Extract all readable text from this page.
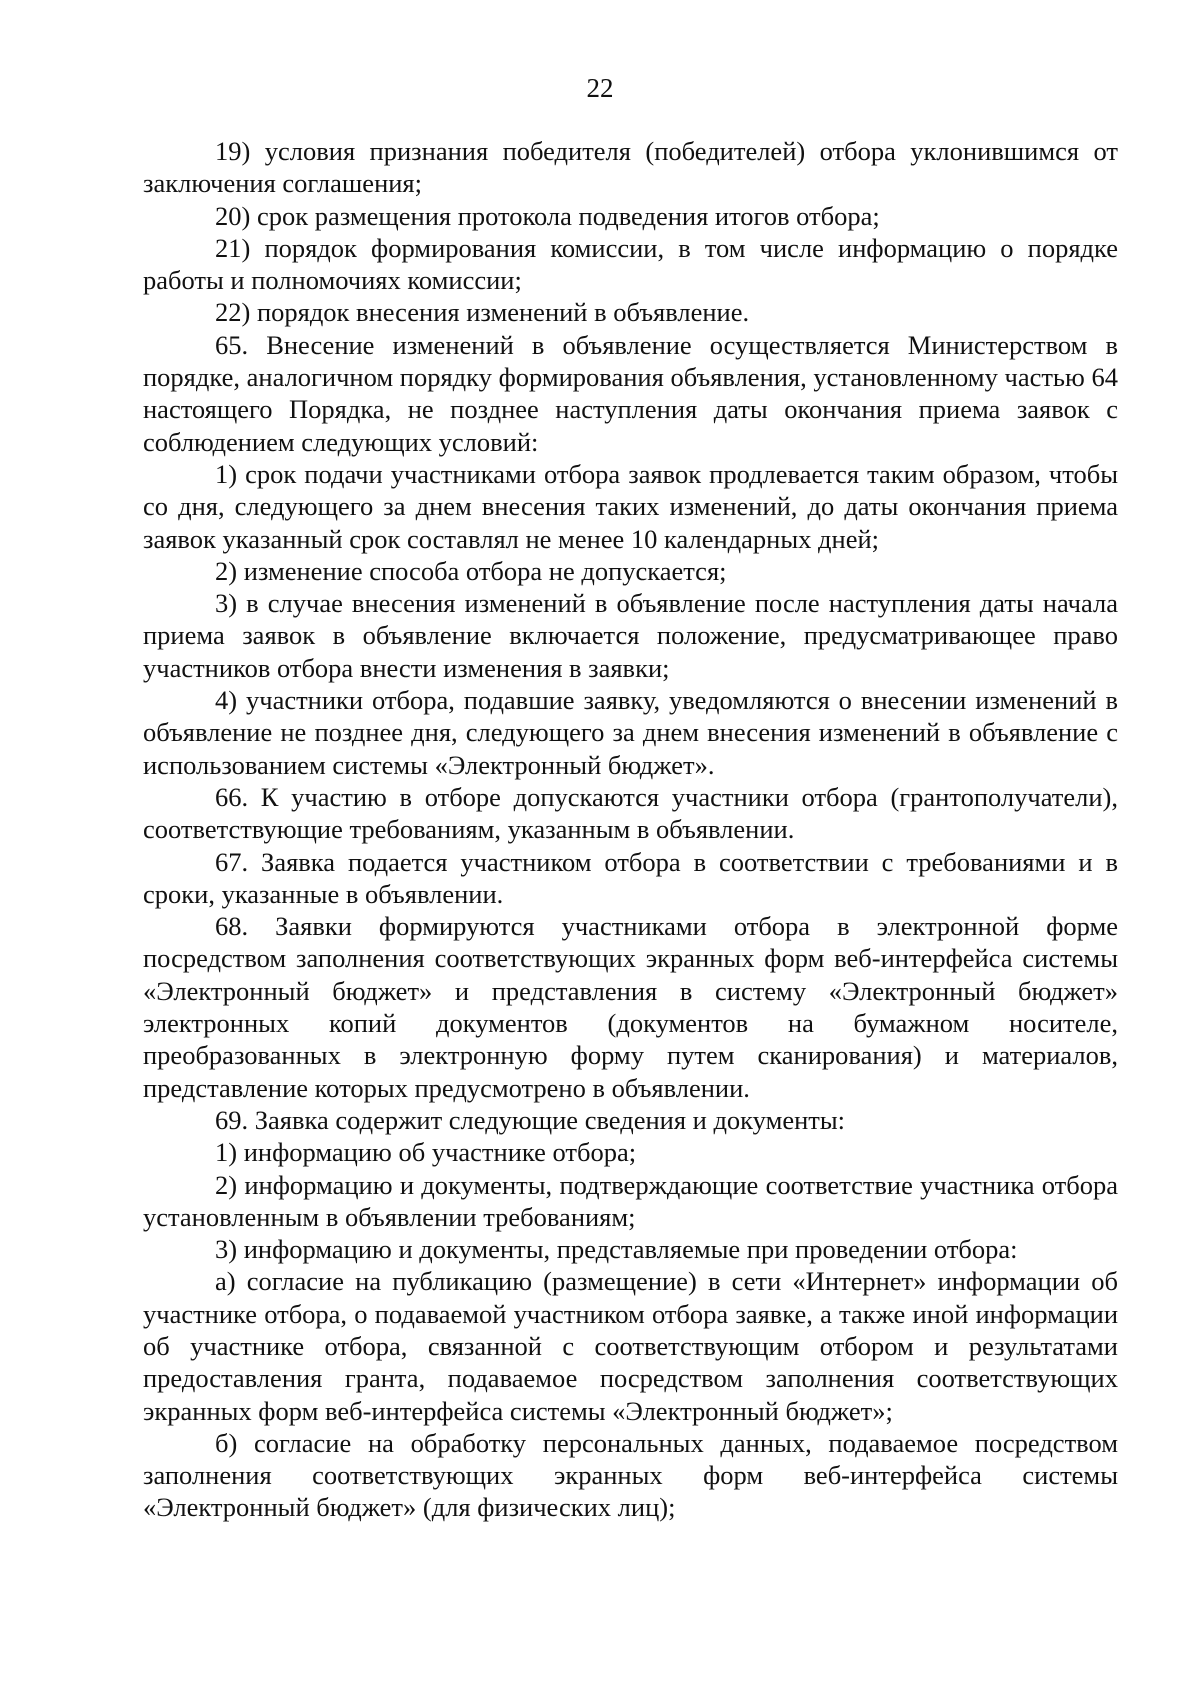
22

19) условия признания победителя (победителей) отбора уклонившимся от заключения соглашения;

20) срок размещения протокола подведения итогов отбора;

21) порядок формирования комиссии, в том числе информацию о порядке работы и полномочиях комиссии;

22) порядок внесения изменений в объявление.

65. Внесение изменений в объявление осуществляется Министерством в порядке, аналогичном порядку формирования объявления, установленному частью 64 настоящего Порядка, не позднее наступления даты окончания приема заявок с соблюдением следующих условий:

1) срок подачи участниками отбора заявок продлевается таким образом, чтобы со дня, следующего за днем внесения таких изменений, до даты окончания приема заявок указанный срок составлял не менее 10 календарных дней;

2) изменение способа отбора не допускается;

3) в случае внесения изменений в объявление после наступления даты начала приема заявок в объявление включается положение, предусматривающее право участников отбора внести изменения в заявки;

4) участники отбора, подавшие заявку, уведомляются о внесении изменений в объявление не позднее дня, следующего за днем внесения изменений в объявление с использованием системы «Электронный бюджет».

66. К участию в отборе допускаются участники отбора (грантополучатели), соответствующие требованиям, указанным в объявлении.

67. Заявка подается участником отбора в соответствии с требованиями и в сроки, указанные в объявлении.

68. Заявки формируются участниками отбора в электронной форме посредством заполнения соответствующих экранных форм веб-интерфейса системы «Электронный бюджет» и представления в систему «Электронный бюджет» электронных копий документов (документов на бумажном носителе, преобразованных в электронную форму путем сканирования) и материалов, представление которых предусмотрено в объявлении.

69. Заявка содержит следующие сведения и документы:

1) информацию об участнике отбора;

2) информацию и документы, подтверждающие соответствие участника отбора установленным в объявлении требованиям;

3) информацию и документы, представляемые при проведении отбора:

а) согласие на публикацию (размещение) в сети «Интернет» информации об участнике отбора, о подаваемой участником отбора заявке, а также иной информации об участнике отбора, связанной с соответствующим отбором и результатами предоставления гранта, подаваемое посредством заполнения соответствующих экранных форм веб-интерфейса системы «Электронный бюджет»;

б) согласие на обработку персональных данных, подаваемое посредством заполнения соответствующих экранных форм веб-интерфейса системы «Электронный бюджет» (для физических лиц);
